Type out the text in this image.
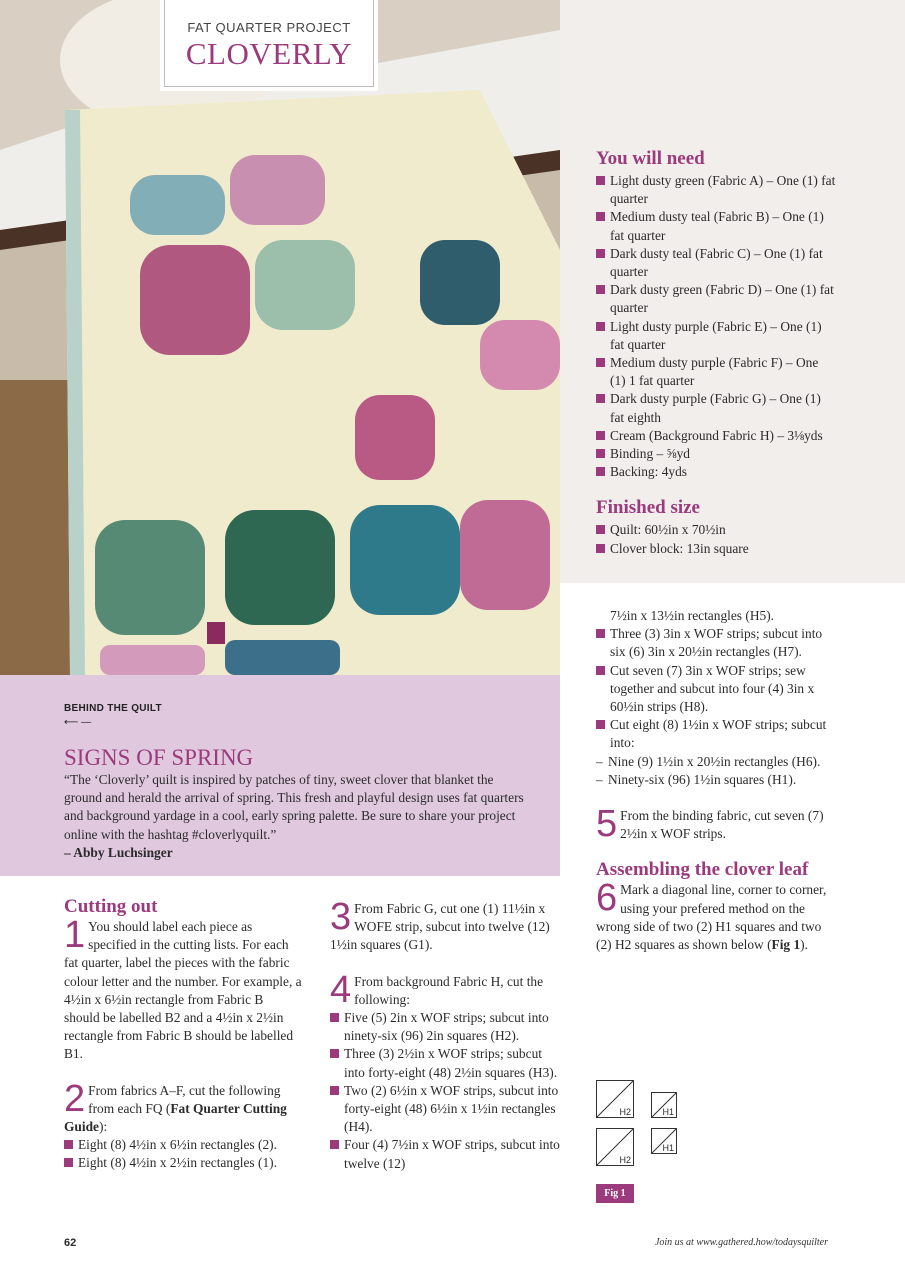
FAT QUARTER PROJECT
CLOVERLY
You will need
Light dusty green (Fabric A) – One (1) fat quarter
Medium dusty teal (Fabric B) – One (1) fat quarter
Dark dusty teal (Fabric C) – One (1) fat quarter
Dark dusty green (Fabric D) – One (1) fat quarter
Light dusty purple (Fabric E) – One (1) fat quarter
Medium dusty purple (Fabric F) – One (1) 1 fat quarter
Dark dusty purple (Fabric G) – One (1) fat eighth
Cream (Background Fabric H) – 3⅛yds
Binding – ⅝yd
Backing: 4yds
Finished size
Quilt: 60½in x 70½in
Clover block: 13in square
BEHIND THE QUILT
⟵ —
SIGNS OF SPRING
“The ‘Cloverly’ quilt is inspired by patches of tiny, sweet clover that blanket the ground and herald the arrival of spring. This fresh and playful design uses fat quarters and background yardage in a cool, early spring palette. Be sure to share your project online with the hashtag #cloverlyquilt.”
– Abby Luchsinger
Cutting out

1 You should label each piece as specified in the cutting lists. For each fat quarter, label the pieces with the fabric colour letter and the number. For example, a 4½in x 6½in rectangle from Fabric B should be labelled B2 and a 4½in x 2½in rectangle from Fabric B should be labelled B1.

2 From fabrics A–F, cut the following from each FQ (Fat Quarter Cutting Guide):

Eight (8) 4½in x 6½in rectangles (2).
Eight (8) 4½in x 2½in rectangles (1).

3 From Fabric G, cut one (1) 11½in x WOFE strip, subcut into twelve (12) 1½in squares (G1).

4 From background Fabric H, cut the following:

Five (5) 2in x WOF strips; subcut into ninety-six (96) 2in squares (H2).
Three (3) 2½in x WOF strips; subcut into forty-eight (48) 2½in squares (H3).
Two (2) 6½in x WOF strips, subcut into forty-eight (48) 6½in x 1½in rectangles (H4).
Four (4) 7½in x WOF strips, subcut into twelve (12)

7½in x 13½in rectangles (H5).

Three (3) 3in x WOF strips; subcut into six (6) 3in x 20½in rectangles (H7).
Cut seven (7) 3in x WOF strips; sew together and subcut into four (4) 3in x 60½in strips (H8).
Cut eight (8) 1½in x WOF strips; subcut into:
– Nine (9) 1½in x 20½in rectangles (H6).
– Ninety-six (96) 1½in squares (H1).

5 From the binding fabric, cut seven (7) 2½in x WOF strips.

Assembling the clover leaf

6 Mark a diagonal line, corner to corner, using your prefered method on the wrong side of two (2) H1 squares and two (2) H2 squares as shown below (Fig 1).

H2	H1
H2
H1
Fig 1
62	Join us at www.gathered.how/todaysquilter
